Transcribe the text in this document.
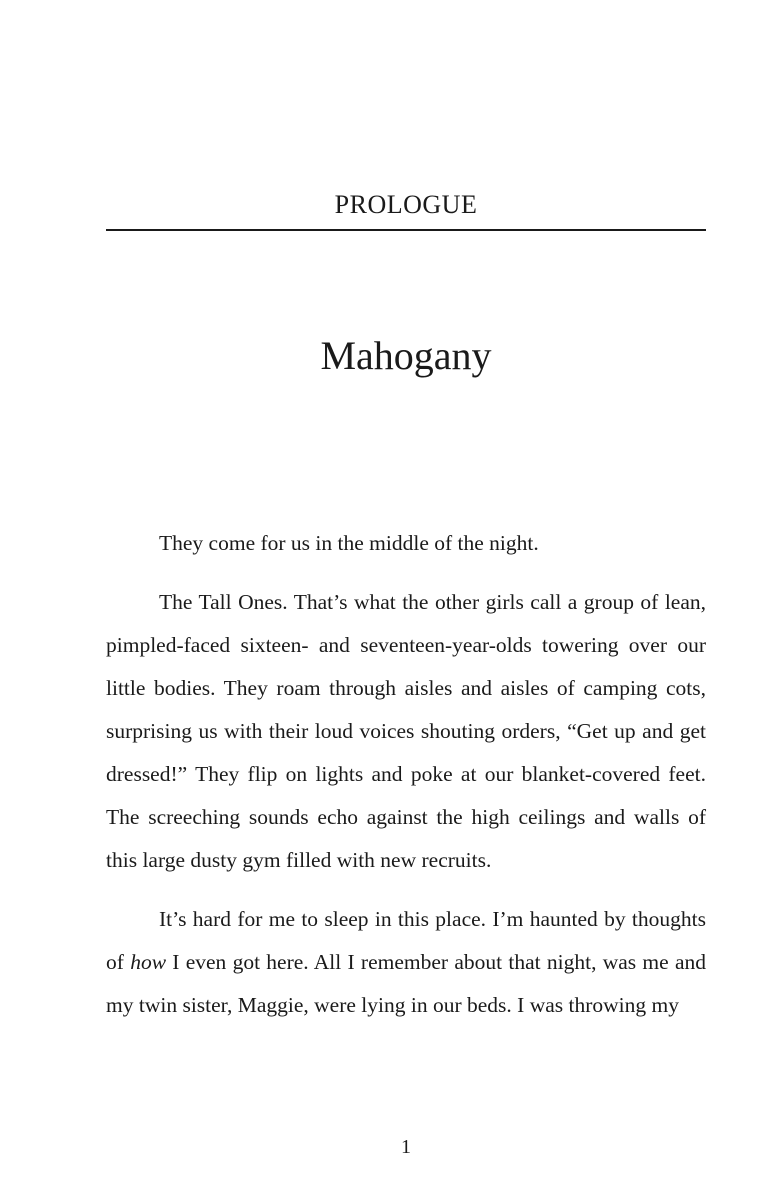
PROLOGUE
Mahogany

They come for us in the middle of the night.

The Tall Ones. That’s what the other girls call a group of lean, pimpled-faced sixteen- and seventeen-year-olds towering over our little bodies. They roam through aisles and aisles of camping cots, surprising us with their loud voices shouting orders, “Get up and get dressed!” They flip on lights and poke at our blanket-covered feet. The screeching sounds echo against the high ceilings and walls of this large dusty gym filled with new recruits.

It’s hard for me to sleep in this place. I’m haunted by thoughts of how I even got here. All I remember about that night, was me and my twin sister, Maggie, were lying in our beds. I was throwing my

1
